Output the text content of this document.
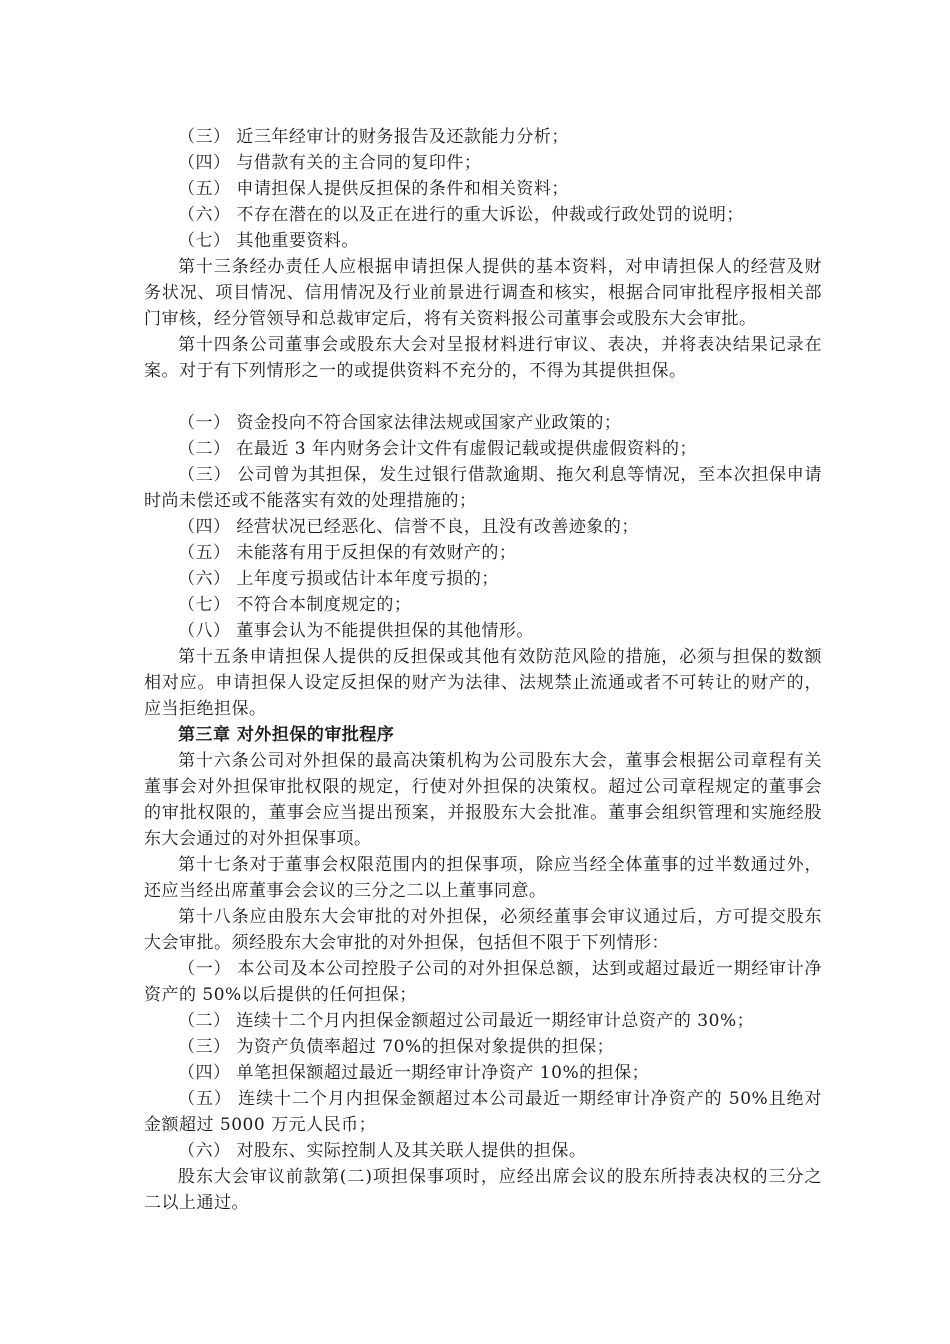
（三） 近三年经审计的财务报告及还款能力分析；

（四） 与借款有关的主合同的复印件；

（五） 申请担保人提供反担保的条件和相关资料；

（六） 不存在潜在的以及正在进行的重大诉讼，仲裁或行政处罚的说明；

（七） 其他重要资料。

第十三条经办责任人应根据申请担保人提供的基本资料，对申请担保人的经营及财务状况、项目情况、信用情况及行业前景进行调查和核实，根据合同审批程序报相关部门审核，经分管领导和总裁审定后，将有关资料报公司董事会或股东大会审批。

第十四条公司董事会或股东大会对呈报材料进行审议、表决，并将表决结果记录在案。对于有下列情形之一的或提供资料不充分的，不得为其提供担保。

（一） 资金投向不符合国家法律法规或国家产业政策的；

（二） 在最近 3 年内财务会计文件有虚假记载或提供虚假资料的；

（三） 公司曾为其担保，发生过银行借款逾期、拖欠利息等情况，至本次担保申请时尚未偿还或不能落实有效的处理措施的；

（四） 经营状况已经恶化、信誉不良，且没有改善迹象的；

（五） 未能落有用于反担保的有效财产的；

（六） 上年度亏损或估计本年度亏损的；

（七） 不符合本制度规定的；

（八） 董事会认为不能提供担保的其他情形。

第十五条申请担保人提供的反担保或其他有效防范风险的措施，必须与担保的数额相对应。申请担保人设定反担保的财产为法律、法规禁止流通或者不可转让的财产的，应当拒绝担保。

第三章 对外担保的审批程序

第十六条公司对外担保的最高决策机构为公司股东大会，董事会根据公司章程有关董事会对外担保审批权限的规定，行使对外担保的决策权。超过公司章程规定的董事会的审批权限的，董事会应当提出预案，并报股东大会批准。董事会组织管理和实施经股东大会通过的对外担保事项。

第十七条对于董事会权限范围内的担保事项，除应当经全体董事的过半数通过外，还应当经出席董事会会议的三分之二以上董事同意。

第十八条应由股东大会审批的对外担保，必须经董事会审议通过后，方可提交股东大会审批。须经股东大会审批的对外担保，包括但不限于下列情形：

（一） 本公司及本公司控股子公司的对外担保总额，达到或超过最近一期经审计净资产的 50%以后提供的任何担保；

（二） 连续十二个月内担保金额超过公司最近一期经审计总资产的 30%；

（三） 为资产负债率超过 70%的担保对象提供的担保；

（四） 单笔担保额超过最近一期经审计净资产 10%的担保；

（五） 连续十二个月内担保金额超过本公司最近一期经审计净资产的 50%且绝对金额超过 5000 万元人民币；

（六） 对股东、实际控制人及其关联人提供的担保。

股东大会审议前款第(二)项担保事项时，应经出席会议的股东所持表决权的三分之二以上通过。
